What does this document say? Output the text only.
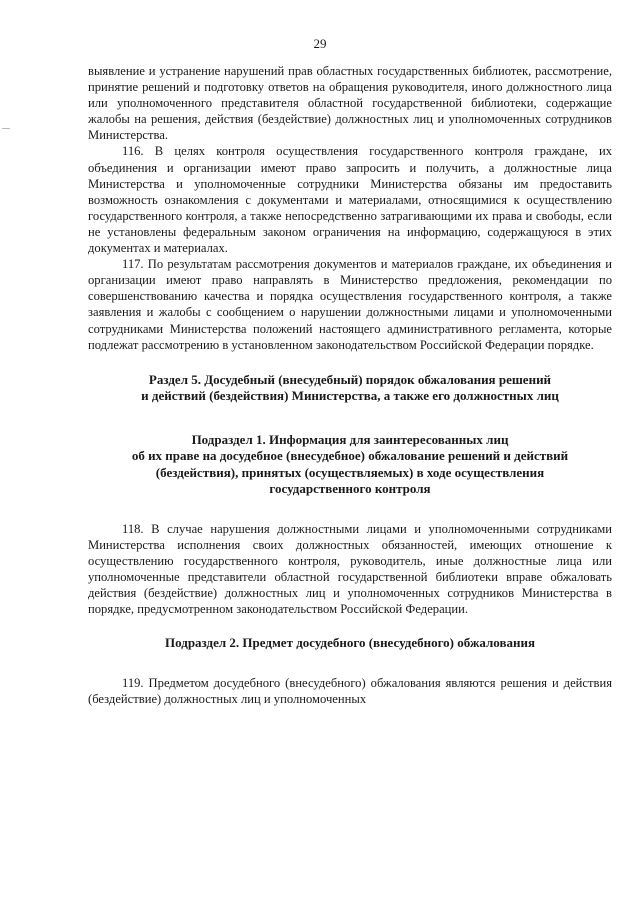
29

выявление и устранение нарушений прав областных государственных библиотек, рассмотрение, принятие решений и подготовку ответов на обращения руководителя, иного должностного лица или уполномоченного представителя областной государственной библиотеки, содержащие жалобы на решения, действия (бездействие) должностных лиц и уполномоченных сотрудников Министерства.

116. В целях контроля осуществления государственного контроля граждане, их объединения и организации имеют право запросить и получить, а должностные лица Министерства и уполномоченные сотрудники Министерства обязаны им предоставить возможность ознакомления с документами и материалами, относящимися к осуществлению государственного контроля, а также непосредственно затрагивающими их права и свободы, если не установлены федеральным законом ограничения на информацию, содержащуюся в этих документах и материалах.

117. По результатам рассмотрения документов и материалов граждане, их объединения и организации имеют право направлять в Министерство предложения, рекомендации по совершенствованию качества и порядка осуществления государственного контроля, а также заявления и жалобы с сообщением о нарушении должностными лицами и уполномоченными сотрудниками Министерства положений настоящего административного регламента, которые подлежат рассмотрению в установленном законодательством Российской Федерации порядке.

Раздел 5. Досудебный (внесудебный) порядок обжалования решений
и действий (бездействия) Министерства, а также его должностных лиц
Подраздел 1. Информация для заинтересованных лиц
об их праве на досудебное (внесудебное) обжалование решений и действий
(бездействия), принятых (осуществляемых) в ходе осуществления
государственного контроля

118. В случае нарушения должностными лицами и уполномоченными сотрудниками Министерства исполнения своих должностных обязанностей, имеющих отношение к осуществлению государственного контроля, руководитель, иные должностные лица или уполномоченные представители областной государственной библиотеки вправе обжаловать действия (бездействие) должностных лиц и уполномоченных сотрудников Министерства в порядке, предусмотренном законодательством Российской Федерации.

Подраздел 2. Предмет досудебного (внесудебного) обжалования

119. Предметом досудебного (внесудебного) обжалования являются решения и действия (бездействие) должностных лиц и уполномоченных
